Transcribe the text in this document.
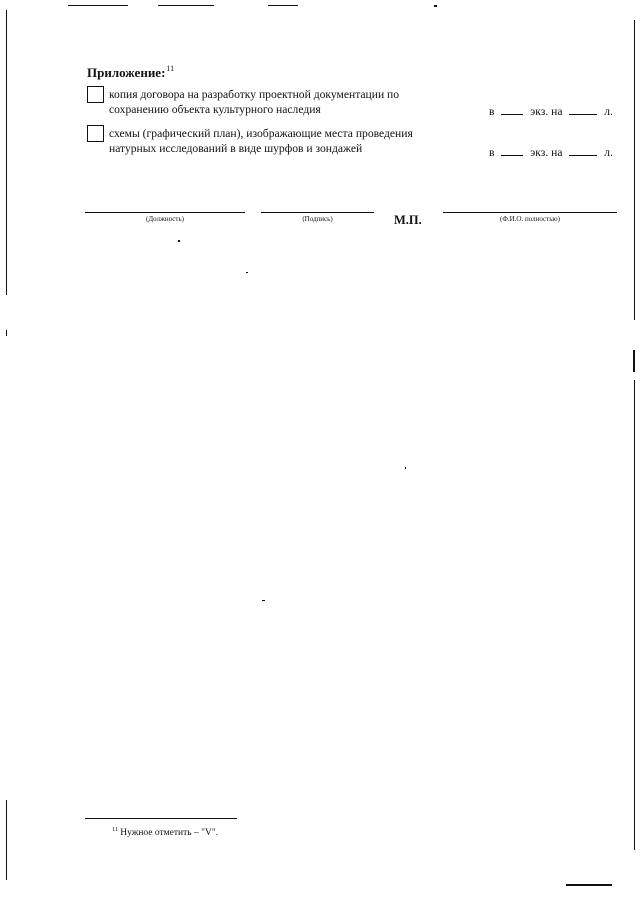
Приложение:$^{11}$
копия договора на разработку проектной документации по
сохранению объекта культурного наследия	в	экз. на	л.
схемы (графический план), изображающие места проведения
натурных исследований в виде шурфов и зондажей	в	экз. на	л.
(Должность)	(Подпись)	М.П.	(Ф.И.О. полностью)
$^{11}$ Нужное отметить – "V".
